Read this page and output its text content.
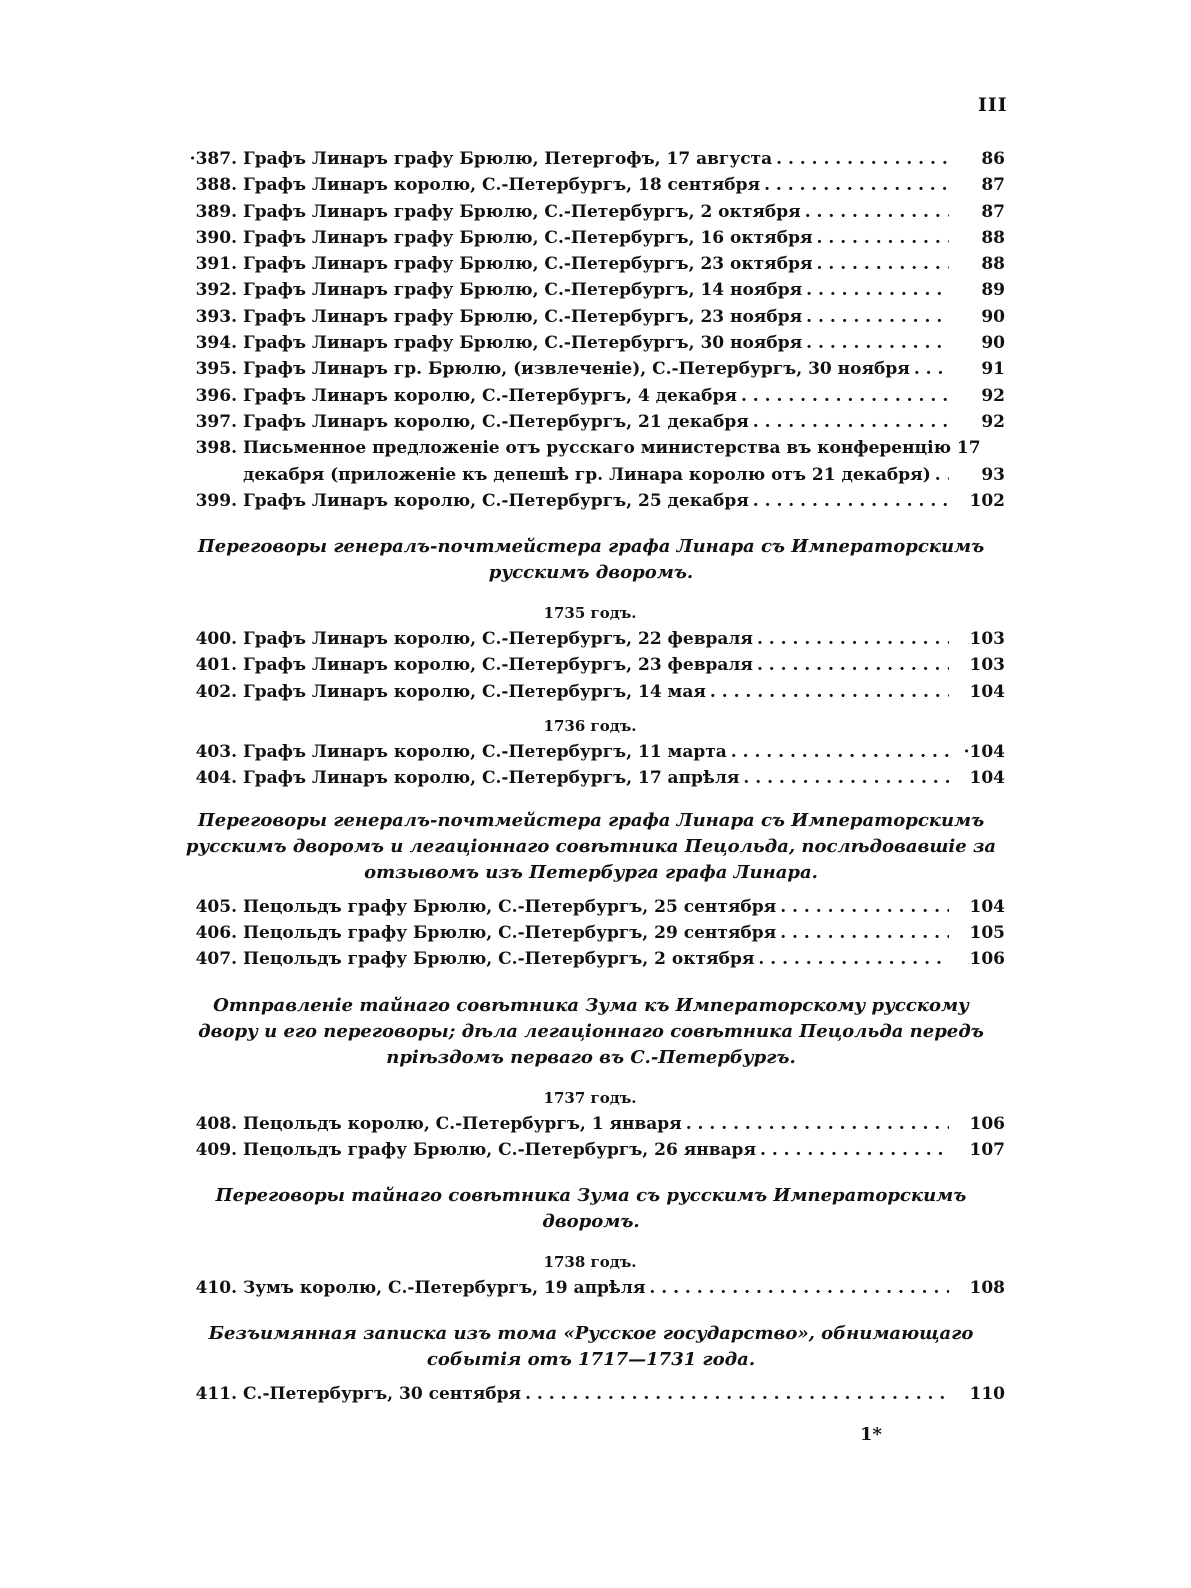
III
·387. Графъ Линаръ графу Брюлю, Петергофъ, 17 августа . . .	86
388. Графъ Линаръ королю, С.-Петербургъ, 18 сентября . . .	87
389. Графъ Линаръ графу Брюлю, С.-Петербургъ, 2 октября . . .	87
390. Графъ Линаръ графу Брюлю, С.-Петербургъ, 16 октября . . .	88
391. Графъ Линаръ графу Брюлю, С.-Петербургъ, 23 октября . . .	88
392. Графъ Линаръ графу Брюлю, С.-Петербургъ, 14 ноября . . .	89
393. Графъ Линаръ графу Брюлю, С.-Петербургъ, 23 ноября . . .	90
394. Графъ Линаръ графу Брюлю, С.-Петербургъ, 30 ноября . . .	90
395. Графъ Линаръ гр. Брюлю, (извлеченіе), С.-Петербургъ, 30 ноября . . .	91
396. Графъ Линаръ королю, С.-Петербургъ, 4 декабря . . .	92
397. Графъ Линаръ королю, С.-Петербургъ, 21 декабря . . .	92
398. Письменное предложеніе отъ русскаго министерства въ конференцію 17
декабря (приложеніе къ депешѣ гр. Линара королю отъ 21 декабря) . . .	93
399. Графъ Линаръ королю, С.-Петербургъ, 25 декабря . . .	102
Переговоры генералъ-почтмейстера графа Линара съ Императорскимъ русскимъ дворомъ.
1735 годъ.
400. Графъ Линаръ королю, С.-Петербургъ, 22 февраля . . .	103
401. Графъ Линаръ королю, С.-Петербургъ, 23 февраля . . .	103
402. Графъ Линаръ королю, С.-Петербургъ, 14 мая . . .	104
1736 годъ.
403. Графъ Линаръ королю, С.-Петербургъ, 11 марта . . .	·104
404. Графъ Линаръ королю, С.-Петербургъ, 17 апрѣля . . .	104
Переговоры генералъ-почтмейстера графа Линара съ Императорскимъ русскимъ дворомъ и легаціоннаго совѣтника Пецольда, послѣдовавшіе за отзывомъ изъ Петербурга графа Линара.
405. Пецольдъ графу Брюлю, С.-Петербургъ, 25 сентября . . .	104
406. Пецольдъ графу Брюлю, С.-Петербургъ, 29 сентября . . .	105
407. Пецольдъ графу Брюлю, С.-Петербургъ, 2 октября . . .	106
Отправленіе тайнаго совѣтника Зума къ Императорскому русскому двору и его переговоры; дѣла легаціоннаго совѣтника Пецольда передъ пріѣздомъ перваго въ С.-Петербургъ.
1737 годъ.
408. Пецольдъ королю, С.-Петербургъ, 1 января . . .	106
409. Пецольдъ графу Брюлю, С.-Петербургъ, 26 января . . .	107
Переговоры тайнаго совѣтника Зума съ русскимъ Императорскимъ дворомъ.
1738 годъ.
410. Зумъ королю, С.-Петербургъ, 19 апрѣля . . .	108
Безъимянная записка изъ тома «Русское государство», обнимающаго событія отъ 1717—1731 года.
411. С.-Петербургъ, 30 сентября . . .	110
1*
